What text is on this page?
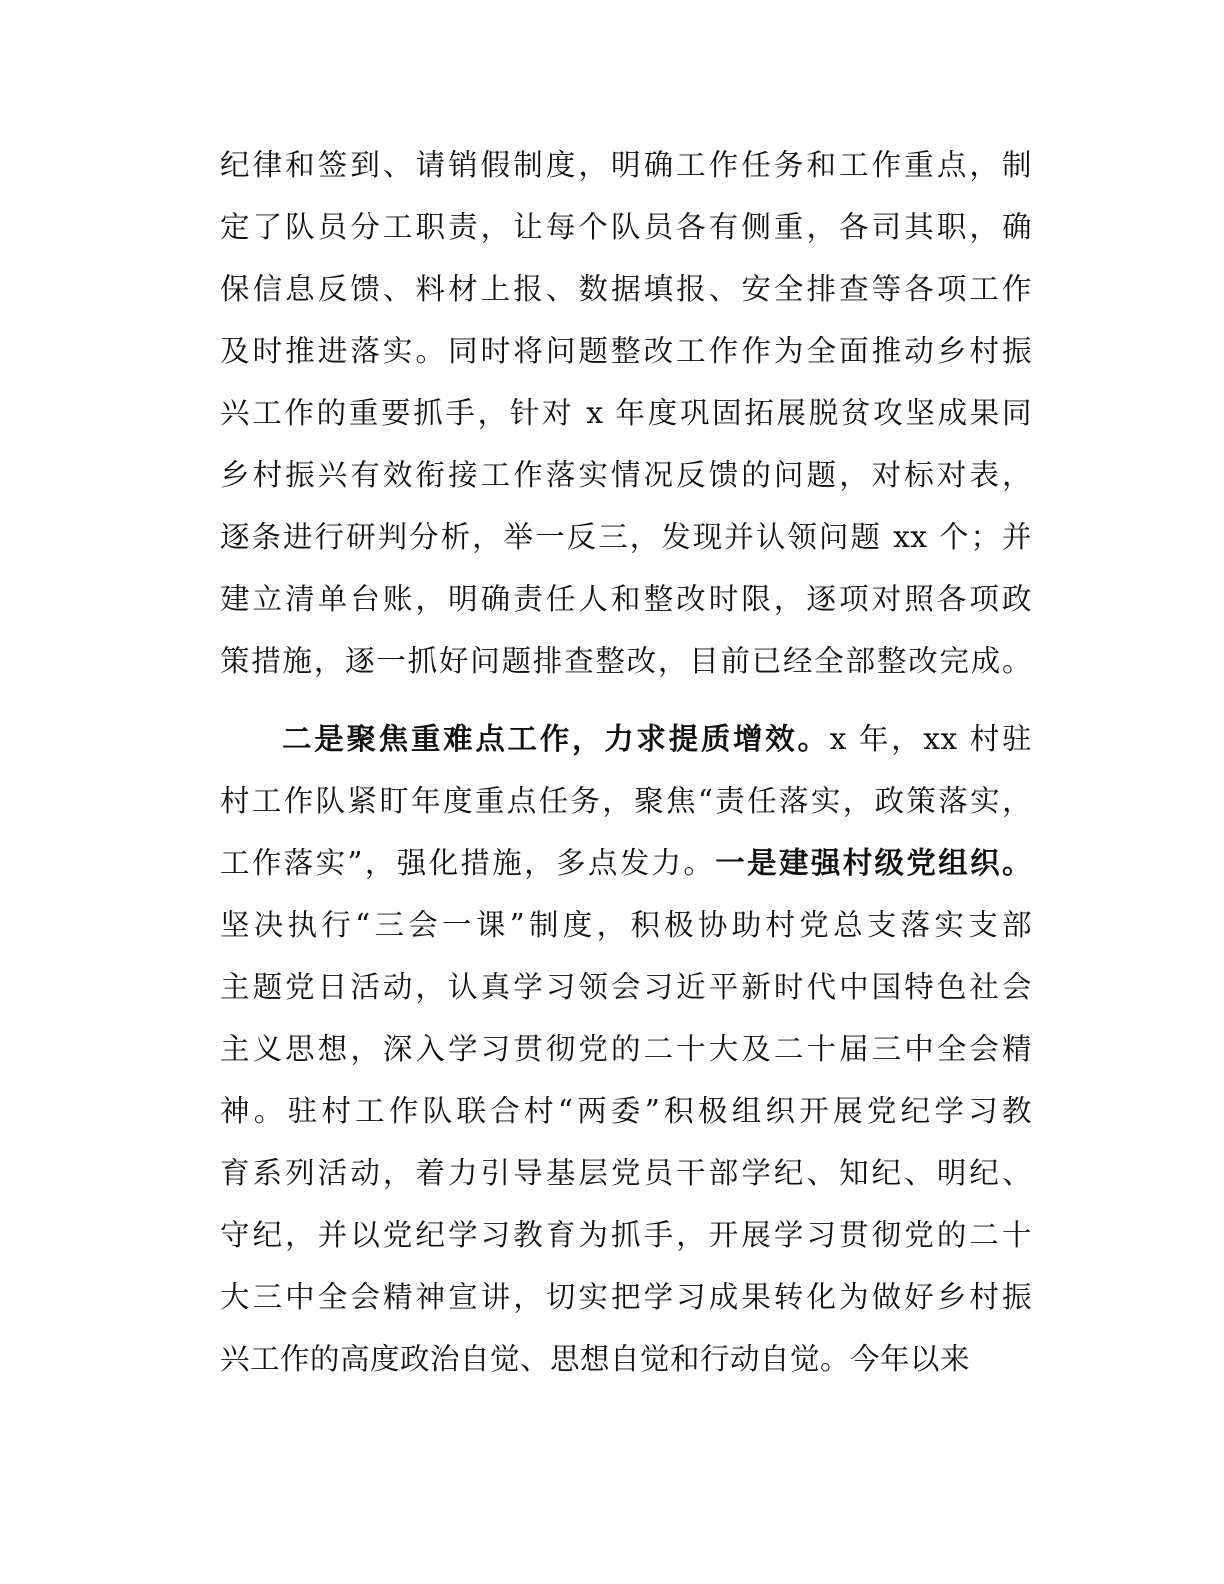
纪律和签到、请销假制度，明确工作任务和工作重点，制
定了队员分工职责，让每个队员各有侧重，各司其职，确
保信息反馈、料材上报、数据填报、安全排查等各项工作
及时推进落实。同时将问题整改工作作为全面推动乡村振
兴工作的重要抓手，针对 x 年度巩固拓展脱贫攻坚成果同
乡村振兴有效衔接工作落实情况反馈的问题，对标对表，
逐条进行研判分析，举一反三，发现并认领问题 xx 个；并
建立清单台账，明确责任人和整改时限，逐项对照各项政
策措施，逐一抓好问题排查整改，目前已经全部整改完成。
二是聚焦重难点工作，力求提质增效。x 年，xx 村驻
村工作队紧盯年度重点任务，聚焦“责任落实，政策落实，
工作落实”，强化措施，多点发力。一是建强村级党组织。
坚决执行“三会一课”制度，积极协助村党总支落实支部
主题党日活动，认真学习领会习近平新时代中国特色社会
主义思想，深入学习贯彻党的二十大及二十届三中全会精
神。驻村工作队联合村“两委”积极组织开展党纪学习教
育系列活动，着力引导基层党员干部学纪、知纪、明纪、
守纪，并以党纪学习教育为抓手，开展学习贯彻党的二十
大三中全会精神宣讲，切实把学习成果转化为做好乡村振
兴工作的高度政治自觉、思想自觉和行动自觉。今年以来
